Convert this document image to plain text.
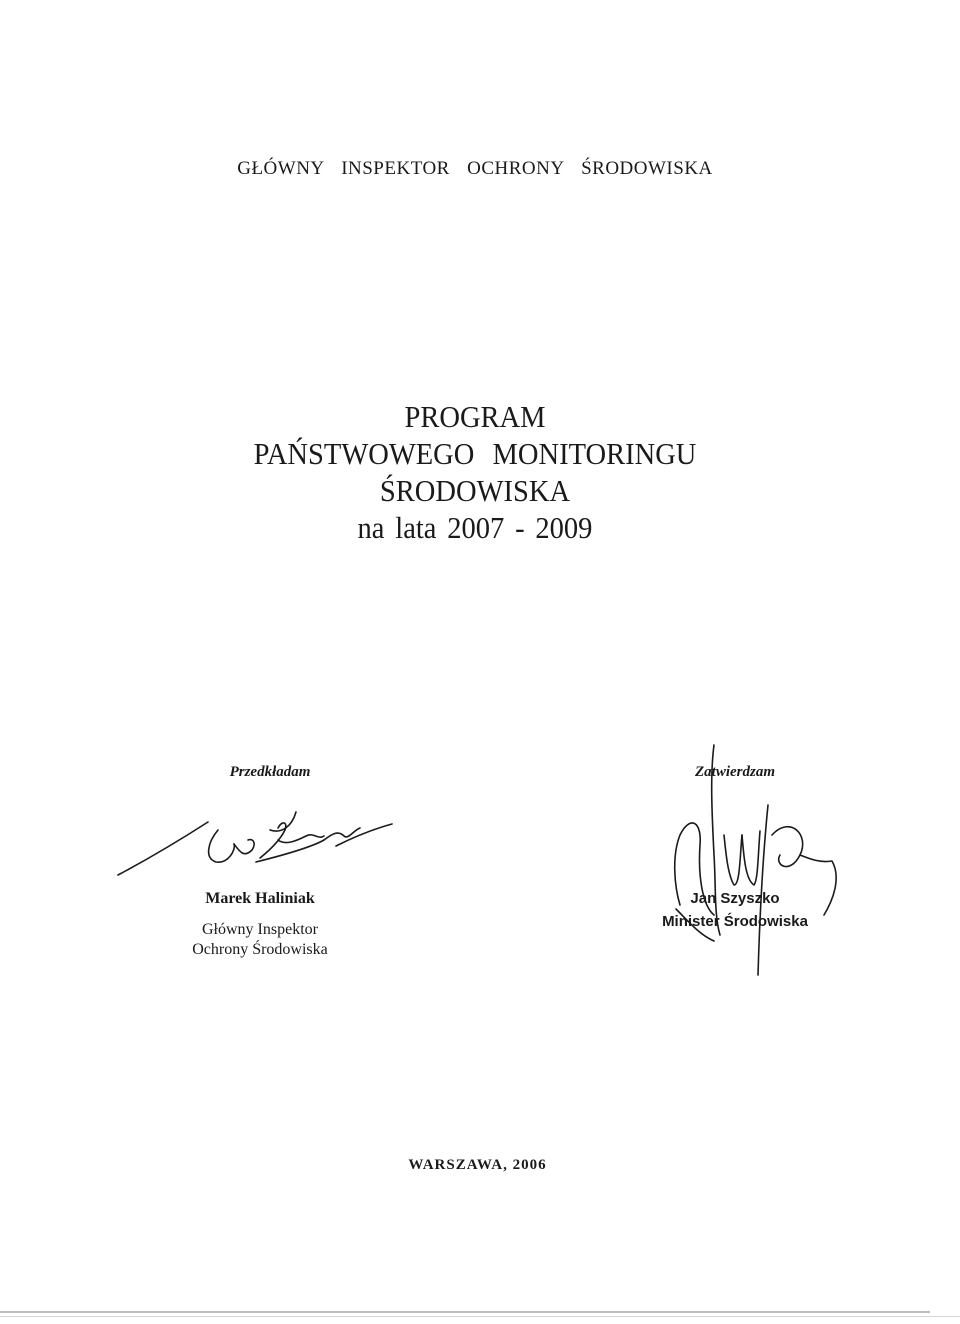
GŁÓWNY INSPEKTOR OCHRONY ŚRODOWISKA
PROGRAM
PAŃSTWOWEGO MONITORINGU
ŚRODOWISKA
na lata 2007 - 2009
Przedkładam
Marek Haliniak
Główny Inspektor
Ochrony Środowiska
Zatwierdzam
Jan Szyszko
Minister Środowiska
WARSZAWA, 2006
